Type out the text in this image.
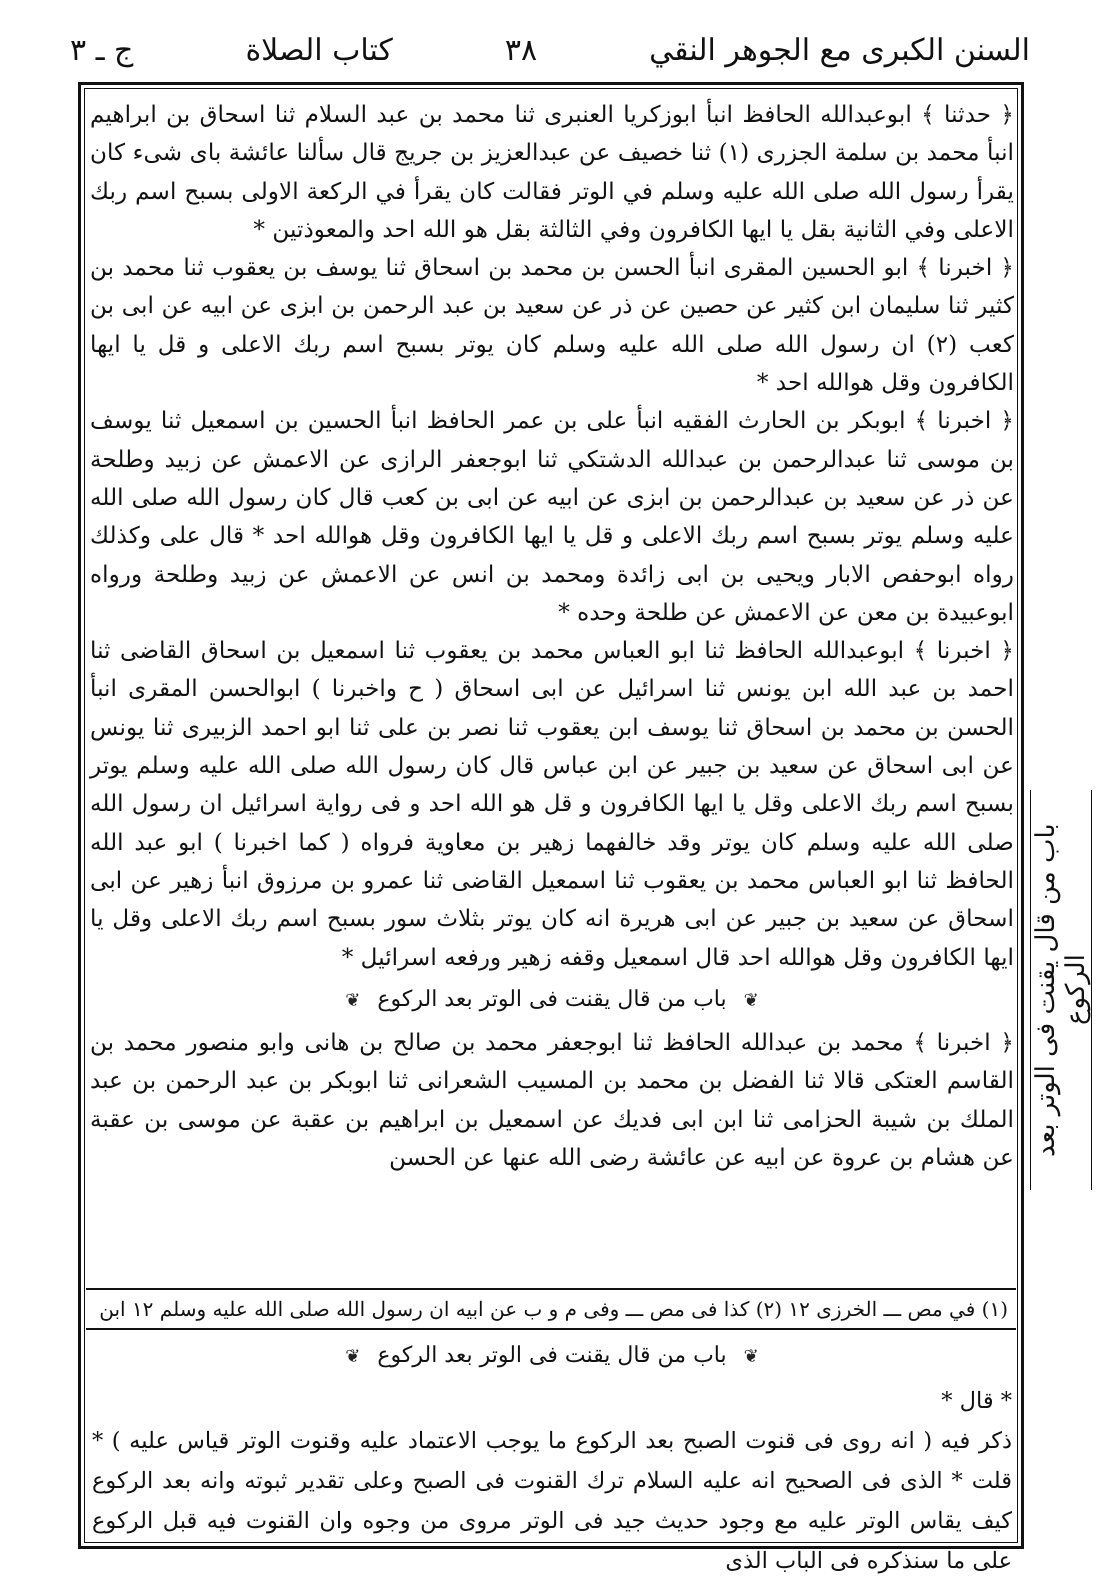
السنن الكبرى مع الجوهر النقي
٣٨
كتاب الصلاة
ج ـ ٣

﴿ حدثنا ﴾ ابوعبدالله الحافظ انبأ ابوزكريا العنبرى ثنا محمد بن عبد السلام ثنا اسحاق بن ابراهيم انبأ محمد بن سلمة الجزرى (١) ثنا خصيف عن عبدالعزيز بن جريج قال سألنا عائشة باى شىء كان يقرأ رسول الله صلى الله عليه وسلم في الوتر فقالت كان يقرأ في الركعة الاولى بسبح اسم ربك الاعلى وفي الثانية بقل يا ايها الكافرون وفي الثالثة بقل هو الله احد والمعوذتين *

﴿ اخبرنا ﴾ ابو الحسين المقرى انبأ الحسن بن محمد بن اسحاق ثنا يوسف بن يعقوب ثنا محمد بن كثير ثنا سليمان ابن كثير عن حصين عن ذر عن سعيد بن عبد الرحمن بن ابزى عن ابيه عن ابى بن كعب (٢) ان رسول الله صلى الله عليه وسلم كان يوتر بسبح اسم ربك الاعلى و قل يا ايها الكافرون وقل هوالله احد *

﴿ اخبرنا ﴾ ابوبكر بن الحارث الفقيه انبأ على بن عمر الحافظ انبأ الحسين بن اسمعيل ثنا يوسف بن موسى ثنا عبدالرحمن بن عبدالله الدشتكي ثنا ابوجعفر الرازى عن الاعمش عن زبيد وطلحة عن ذر عن سعيد بن عبدالرحمن بن ابزى عن ابيه عن ابى بن كعب قال كان رسول الله صلى الله عليه وسلم يوتر بسبح اسم ربك الاعلى و قل يا ايها الكافرون وقل هوالله احد * قال على وكذلك رواه ابوحفص الابار ويحيى بن ابى زائدة ومحمد بن انس عن الاعمش عن زبيد وطلحة ورواه ابوعبيدة بن معن عن الاعمش عن طلحة وحده *

﴿ اخبرنا ﴾ ابوعبدالله الحافظ ثنا ابو العباس محمد بن يعقوب ثنا اسمعيل بن اسحاق القاضى ثنا احمد بن عبد الله ابن يونس ثنا اسرائيل عن ابى اسحاق ( ح واخبرنا ) ابوالحسن المقرى انبأ الحسن بن محمد بن اسحاق ثنا يوسف ابن يعقوب ثنا نصر بن على ثنا ابو احمد الزبيرى ثنا يونس عن ابى اسحاق عن سعيد بن جبير عن ابن عباس قال كان رسول الله صلى الله عليه وسلم يوتر بسبح اسم ربك الاعلى وقل يا ايها الكافرون و قل هو الله احد و فى رواية اسرائيل ان رسول الله صلى الله عليه وسلم كان يوتر وقد خالفهما زهير بن معاوية فرواه ( كما اخبرنا ) ابو عبد الله الحافظ ثنا ابو العباس محمد بن يعقوب ثنا اسمعيل القاضى ثنا عمرو بن مرزوق انبأ زهير عن ابى اسحاق عن سعيد بن جبير عن ابى هريرة انه كان يوتر بثلاث سور بسبح اسم ربك الاعلى وقل يا ايها الكافرون وقل هوالله احد قال اسمعيل وقفه زهير ورفعه اسرائيل *

❦ باب من قال يقنت فى الوتر بعد الركوع ❦

﴿ اخبرنا ﴾ محمد بن عبدالله الحافظ ثنا ابوجعفر محمد بن صالح بن هانى وابو منصور محمد بن القاسم العتكى قالا ثنا الفضل بن محمد بن المسيب الشعرانى ثنا ابوبكر بن عبد الرحمن بن عبد الملك بن شيبة الحزامى ثنا ابن ابى فديك عن اسمعيل بن ابراهيم بن عقبة عن موسى بن عقبة عن هشام بن عروة عن ابيه عن عائشة رضى الله عنها عن الحسن

باب من قال يقنت فى الوتر بعد الركوع
(١) في مص ـــ الخرزى ١٢ (٢) كذا فى مص ـــ وفى م و ب عن ابيه ان رسول الله صلى الله عليه وسلم ١٢ ابن

❦ باب من قال يقنت فى الوتر بعد الركوع ❦

* قال *

ذكر فيه ( انه روى فى قنوت الصبح بعد الركوع ما يوجب الاعتماد عليه وقنوت الوتر قياس عليه ) * قلت * الذى فى الصحيح انه عليه السلام ترك القنوت فى الصبح وعلى تقدير ثبوته وانه بعد الركوع كيف يقاس الوتر عليه مع وجود حديث جيد فى الوتر مروى من وجوه وان القنوت فيه قبل الركوع على ما سنذكره فى الباب الذى
